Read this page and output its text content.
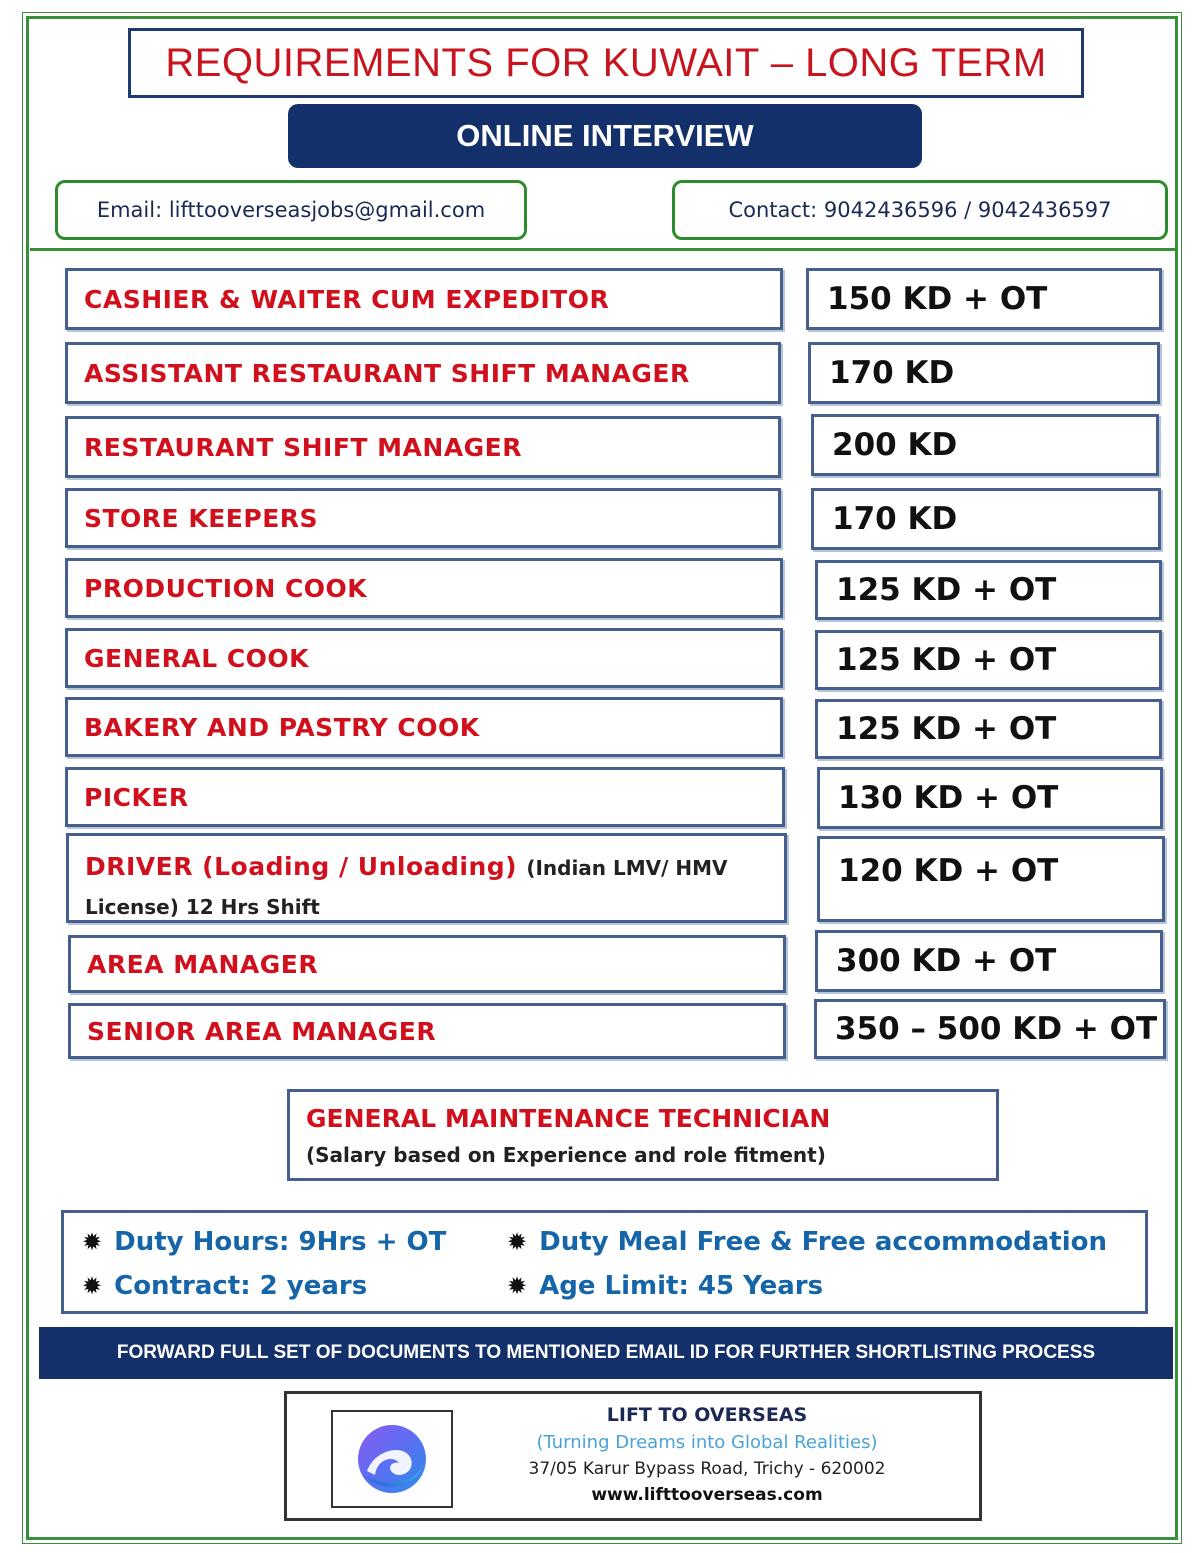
REQUIREMENTS FOR KUWAIT – LONG TERM
ONLINE INTERVIEW
Email: lifttooverseasjobs@gmail.com	Contact: 9042436596 / 9042436597
CASHIER & WAITER CUM EXPEDITOR	150 KD + OT
ASSISTANT RESTAURANT SHIFT MANAGER	170 KD
RESTAURANT SHIFT MANAGER	200 KD
STORE KEEPERS	170 KD
PRODUCTION COOK	125 KD + OT
GENERAL COOK	125 KD + OT
BAKERY AND PASTRY COOK	125 KD + OT
PICKER	130 KD + OT
DRIVER (Loading / Unloading) (Indian LMV/ HMV License) 12 Hrs Shift
120 KD + OT
AREA MANAGER	300 KD + OT
SENIOR AREA MANAGER	350 – 500 KD + OT
GENERAL MAINTENANCE TECHNICIAN
(Salary based on Experience and role fitment)
✹ Duty Hours: 9Hrs + OT	✹ Duty Meal Free & Free accommodation
✹ Contract: 2 years	✹ Age Limit: 45 Years
FORWARD FULL SET OF DOCUMENTS TO MENTIONED EMAIL ID FOR FURTHER SHORTLISTING PROCESS
LIFT TO OVERSEAS
(Turning Dreams into Global Realities)
37/05 Karur Bypass Road, Trichy - 620002
www.lifttooverseas.com
